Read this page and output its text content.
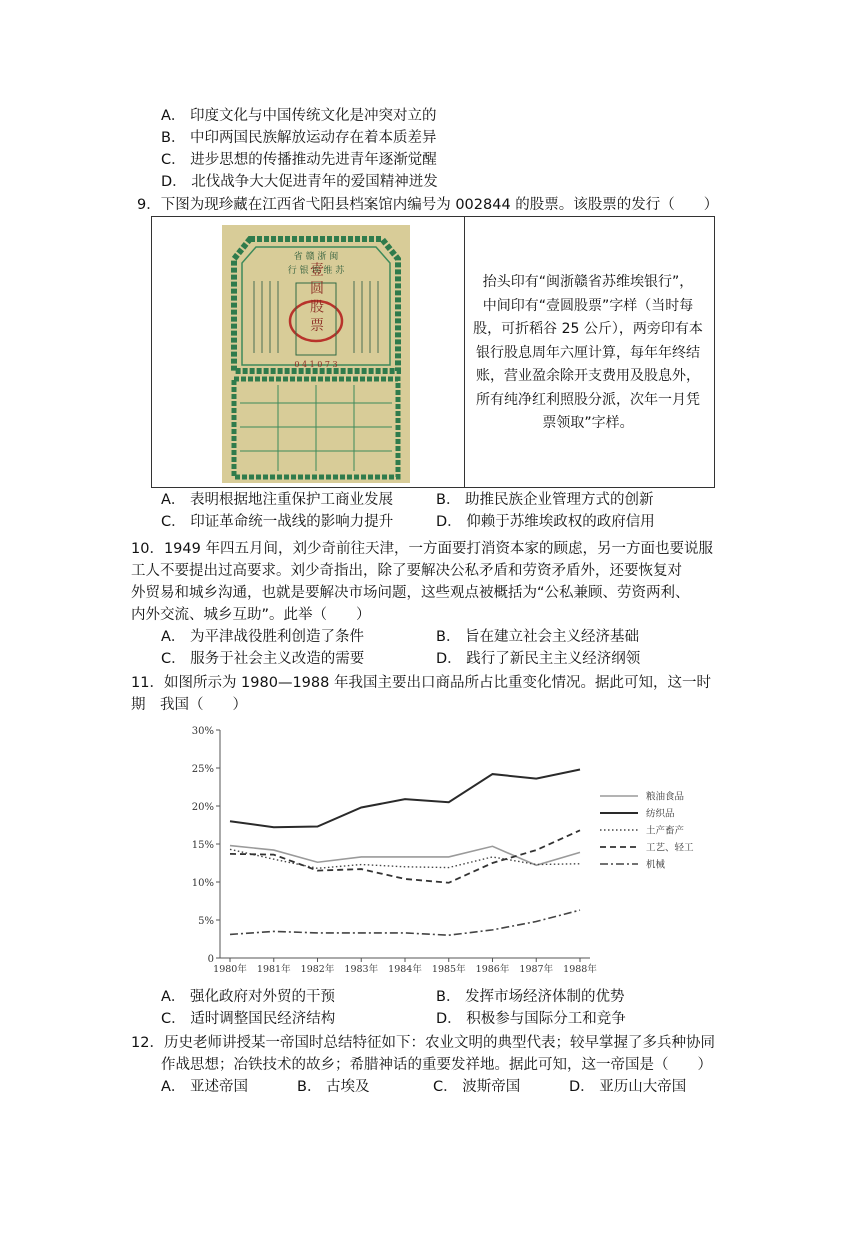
A． 印度文化与中国传统文化是冲突对立的
B． 中印两国民族解放运动存在着本质差异
C． 进步思想的传播推动先进青年逐渐觉醒
D． 北伐战争大大促进青年的爱国精神迸发
9．下图为现珍藏在江西省弋阳县档案馆内编号为 002844 的股票。该股票的发行（　　）
省 赣 浙 闽
行 银 埃 维 苏
壹 圆 股 票
0 4 1 0 7 3
抬头印有“闽浙赣省苏维埃银行”，
中间印有“壹圆股票”字样（当时每
股，可折稻谷 25 公斤），两旁印有本
银行股息周年六厘计算，每年年终结
账，营业盈余除开支费用及股息外，
所有纯净红利照股分派，次年一月凭
票领取”字样。
A． 表明根据地注重保护工商业发展	B． 助推民族企业管理方式的创新
C． 印证革命统一战线的影响力提升	D． 仰赖于苏维埃政权的政府信用
10．1949 年四五月间，刘少奇前往天津，一方面要打消资本家的顾虑，另一方面也要说服
工人不要提出过高要求。刘少奇指出，除了要解决公私矛盾和劳资矛盾外，还要恢复对
外贸易和城乡沟通，也就是要解决市场问题，这些观点被概括为“公私兼顾、劳资两利、
内外交流、城乡互助”。此举（　　）
A． 为平津战役胜利创造了条件	B． 旨在建立社会主义经济基础
C． 服务于社会主义改造的需要	D． 践行了新民主主义经济纲领
11．如图所示为 1980—1988 年我国主要出口商品所占比重变化情况。据此可知，这一时
期　我国（　　）
0
5%
10%
15%
20%
25%
30%
1980年 1981年 1982年 1983年 1984年 1985年 1986年 1987年 1988年
粮油食品
纺织品
土产畜产
工艺、轻工
机械
A． 强化政府对外贸的干预	B． 发挥市场经济体制的优势
C． 适时调整国民经济结构	D． 积极参与国际分工和竞争
12．历史老师讲授某一帝国时总结特征如下：农业文明的典型代表；较早掌握了多兵种协同
作战思想；冶铁技术的故乡；希腊神话的重要发祥地。据此可知，这一帝国是（　　）
A． 亚述帝国	B． 古埃及	C． 波斯帝国	D． 亚历山大帝国
